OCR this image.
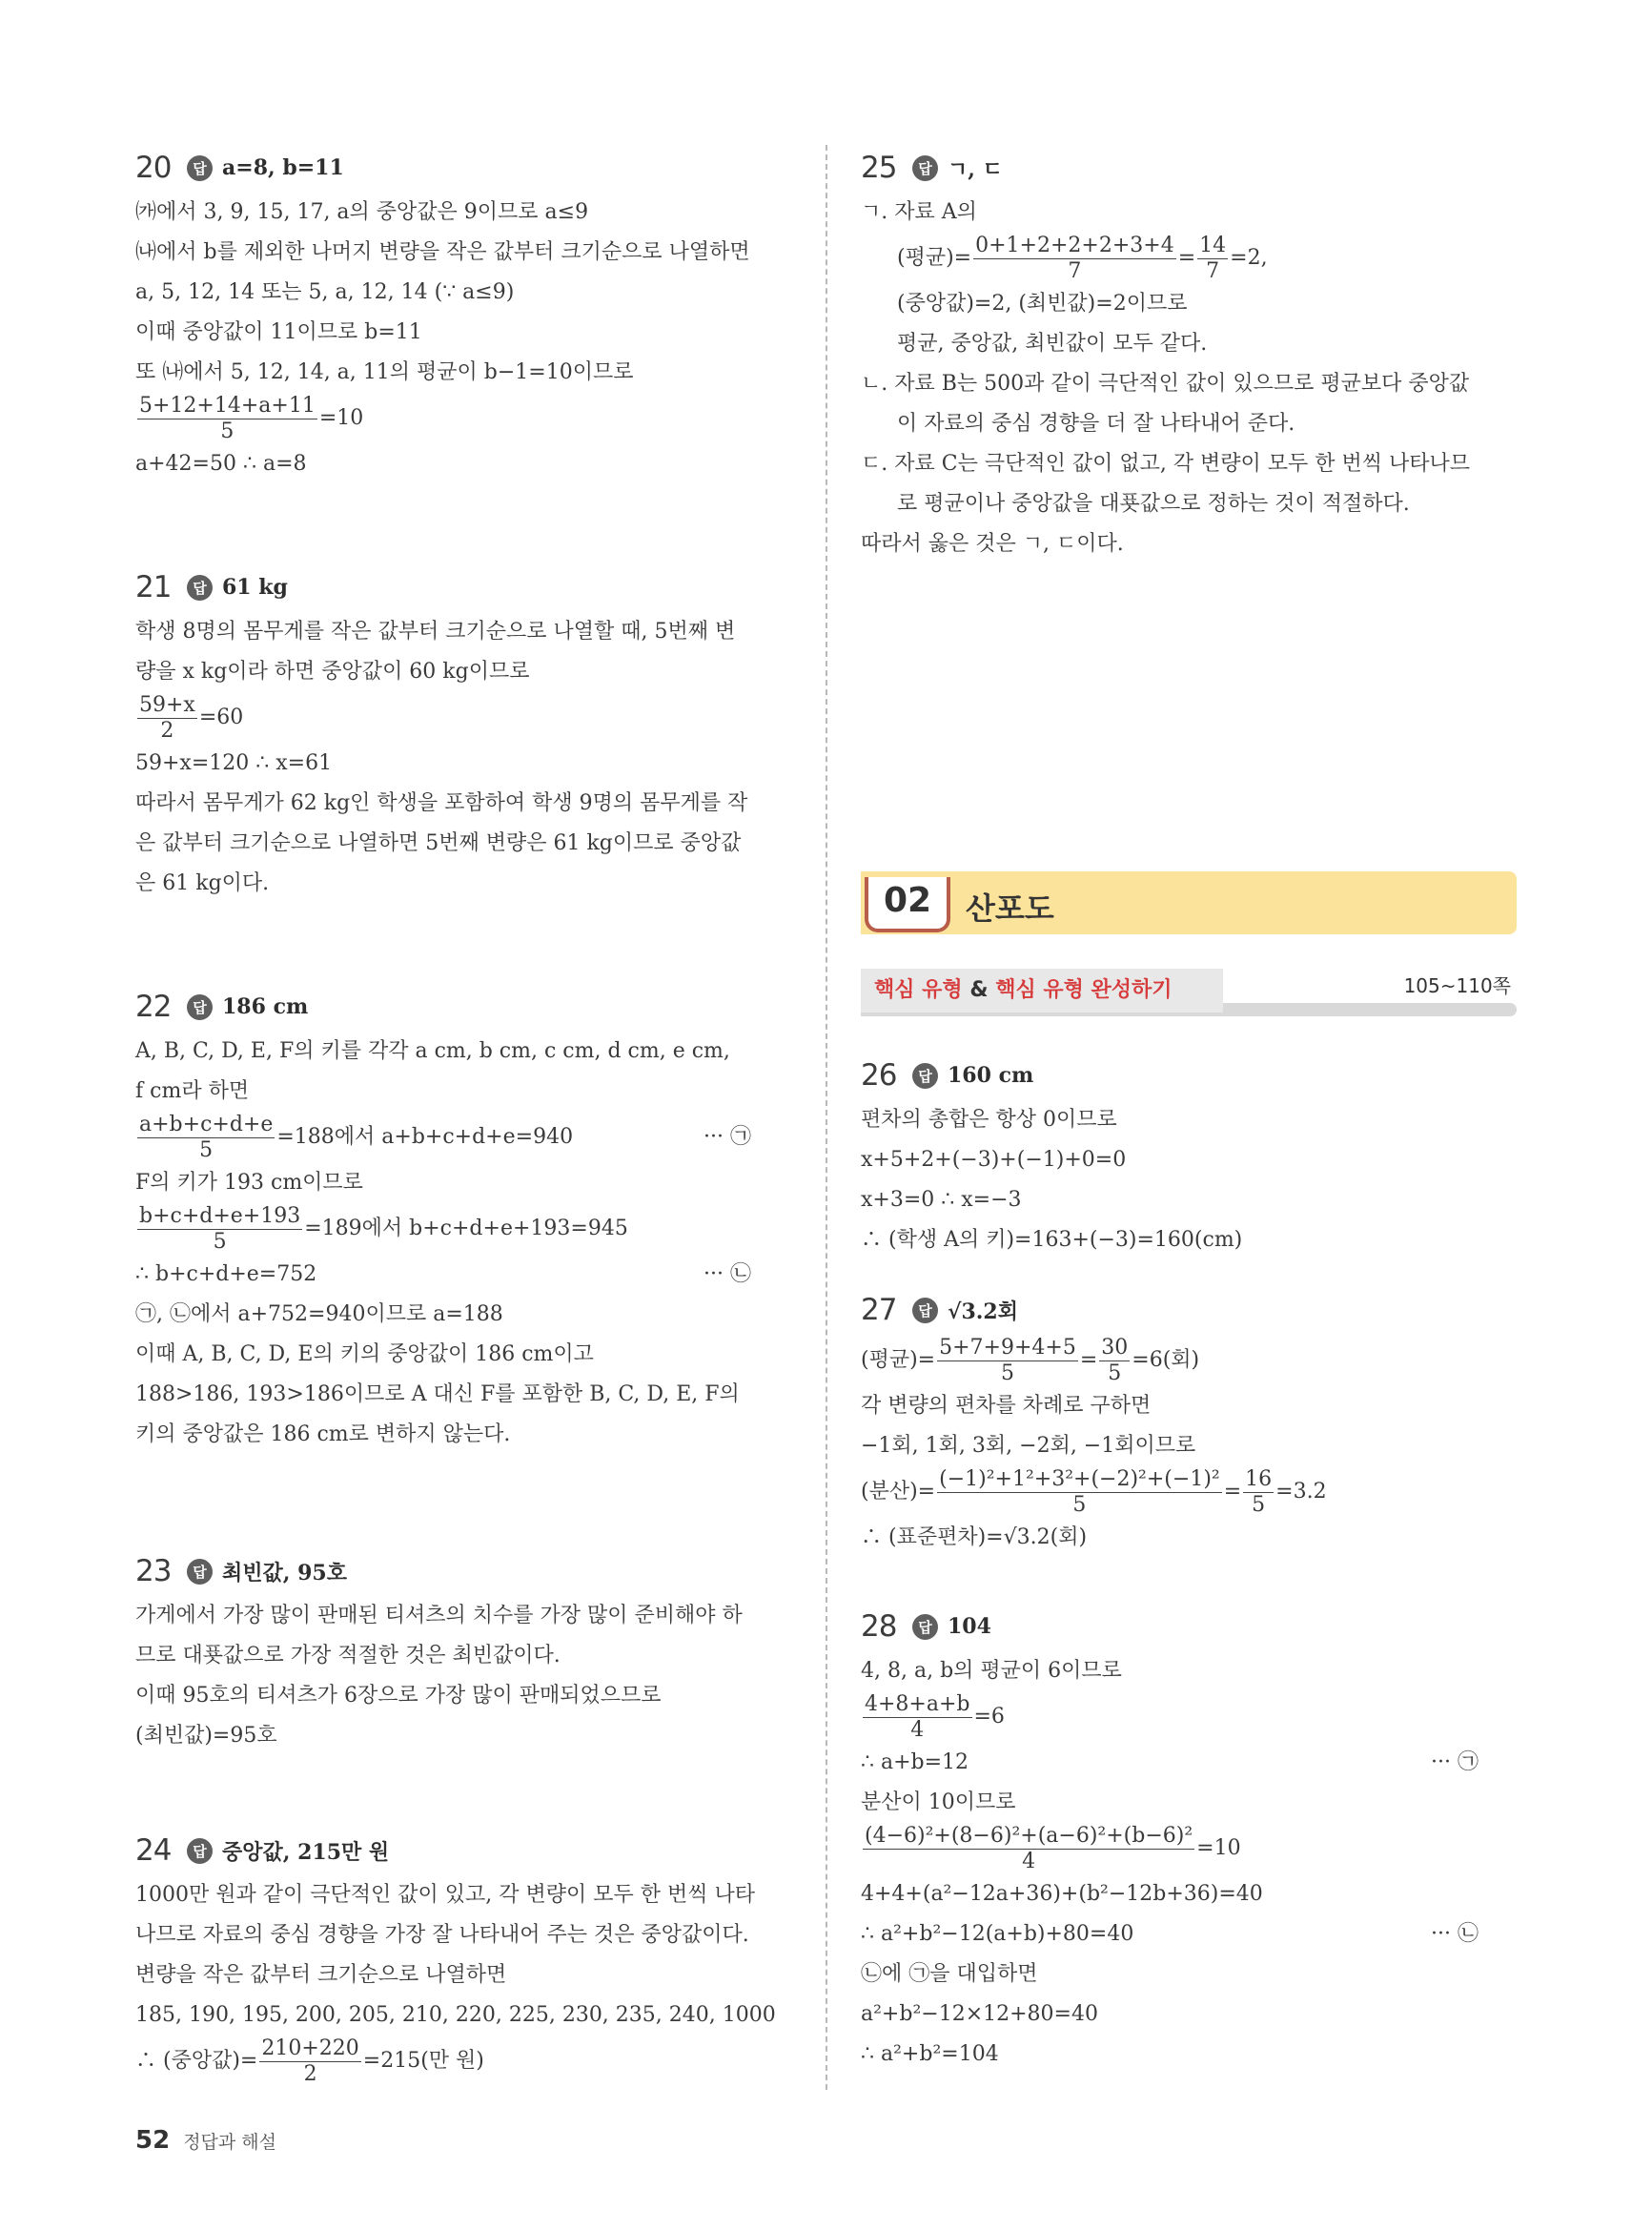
20	답 a=8, b=11
㈎에서 3, 9, 15, 17, a의 중앙값은 9이므로 a≤9
㈏에서 b를 제외한 나머지 변량을 작은 값부터 크기순으로 나열하면
a, 5, 12, 14 또는 5, a, 12, 14 (∵ a≤9)
이때 중앙값이 11이므로 b=11
또 ㈏에서 5, 12, 14, a, 11의 평균이 b−1=10이므로
$\frac{5+12+14+a+11}{5} =10$
a+42=50 ∴ a=8
21	답 61 kg
학생 8명의 몸무게를 작은 값부터 크기순으로 나열할 때, 5번째 변
량을 x kg이라 하면 중앙값이 60 kg이므로
$\frac{59+x}{2} =60$
59+x=120 ∴ x=61
따라서 몸무게가 62 kg인 학생을 포함하여 학생 9명의 몸무게를 작
은 값부터 크기순으로 나열하면 5번째 변량은 61 kg이므로 중앙값
은 61 kg이다.
22	답 186 cm
A, B, C, D, E, F의 키를 각각 a cm, b cm, c cm, d cm, e cm,
f cm라 하면
$\frac{a+b+c+d+e}{5} =188$에서 a+b+c+d+e=940	··· ㉠
F의 키가 193 cm이므로
$\frac{b+c+d+e+193}{5} =189$에서 b+c+d+e+193=945
∴ b+c+d+e=752	··· ㉡
㉠, ㉡에서 a+752=940이므로 a=188
이때 A, B, C, D, E의 키의 중앙값이 186 cm이고
188>186, 193>186이므로 A 대신 F를 포함한 B, C, D, E, F의
키의 중앙값은 186 cm로 변하지 않는다.
23	답 최빈값, 95호
가게에서 가장 많이 판매된 티셔츠의 치수를 가장 많이 준비해야 하
므로 대푯값으로 가장 적절한 것은 최빈값이다.
이때 95호의 티셔츠가 6장으로 가장 많이 판매되었으므로
(최빈값)=95호
24	답 중앙값, 215만 원
1000만 원과 같이 극단적인 값이 있고, 각 변량이 모두 한 번씩 나타
나므로 자료의 중심 경향을 가장 잘 나타내어 주는 것은 중앙값이다.
변량을 작은 값부터 크기순으로 나열하면
185, 190, 195, 200, 205, 210, 220, 225, 230, 235, 240, 1000
∴ (중앙값)= $\frac{210+220}{2} =215$(만 원)
25	답 ㄱ, ㄷ
ㄱ. 자료 A의
(평균)= $\frac{0+1+2+2+2+3+4}{7} = \frac{14}{7} =2$,
(중앙값)=2, (최빈값)=2이므로
평균, 중앙값, 최빈값이 모두 같다.
ㄴ. 자료 B는 500과 같이 극단적인 값이 있으므로 평균보다 중앙값
이 자료의 중심 경향을 더 잘 나타내어 준다.
ㄷ. 자료 C는 극단적인 값이 없고, 각 변량이 모두 한 번씩 나타나므
로 평균이나 중앙값을 대푯값으로 정하는 것이 적절하다.
따라서 옳은 것은 ㄱ, ㄷ이다.
02	산포도
핵심 유형 & 핵심 유형 완성하기	105~110쪽
26	답 160 cm
편차의 총합은 항상 0이므로
x+5+2+(−3)+(−1)+0=0
x+3=0 ∴ x=−3
∴ (학생 A의 키)=163+(−3)=160(cm)
27	답 √3.2회
(평균)= $\frac{5+7+9+4+5}{5} = \frac{30}{5} =6$(회)
각 변량의 편차를 차례로 구하면
−1회, 1회, 3회, −2회, −1회이므로
(분산)= $\frac{\text{(−1)²+1²+3²+(−2)²+(−1)²}}{5} = \frac{16}{5} =3.2$
∴ (표준편차)=√3.2(회)
28	답 104
4, 8, a, b의 평균이 6이므로
$\frac{4+8+a+b}{4} =6$
∴ a+b=12	··· ㉠
분산이 10이므로
$\frac{\text{(4−6)²+(8−6)²+(a−6)²+(b−6)²}}{4} =10$
4+4+(a²−12a+36)+(b²−12b+36)=40
∴ a²+b²−12(a+b)+80=40	··· ㉡
㉡에 ㉠을 대입하면
a²+b²−12×12+80=40
∴ a²+b²=104
52 정답과 해설
